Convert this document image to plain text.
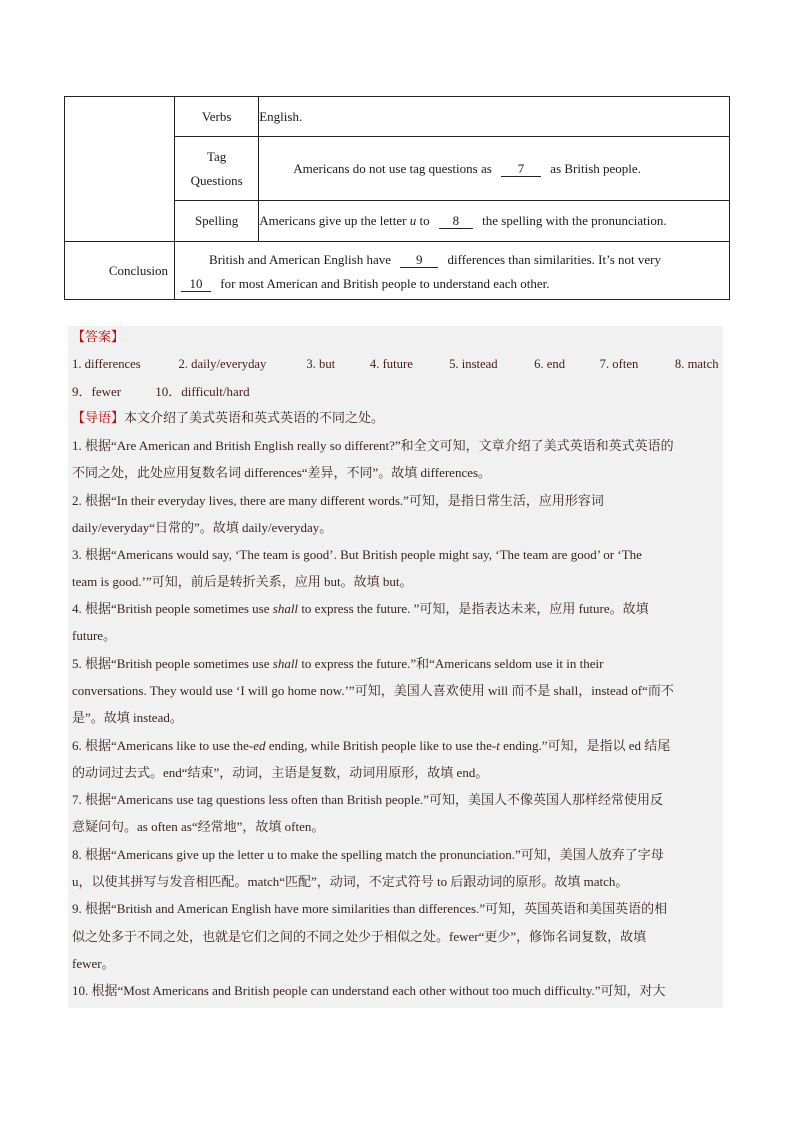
	Verbs	English.

	Tag
Questions	Americans do not use tag questions as 7 as British people.
	Spelling	Americans give up the letter u to 8 the spelling with the pronunciation.
Conclusion	British and American English have 9 differences than similarities. It’s not very
10 for most American and British people to understand each other.	
【答案】
1. differences	2. daily/everyday	3. but	4. future	5. instead	6. end	7. often	8. match
9．fewer	10．difficult/hard
【导语】本文介绍了美式英语和英式英语的不同之处。
1. 根据“Are American and British English really so different?”和全文可知，文章介绍了美式英语和英式英语的
不同之处，此处应用复数名词 differences“差异，不同”。故填 differences。
2. 根据“In their everyday lives, there are many different words.”可知，是指日常生活，应用形容词
daily/everyday“日常的”。故填 daily/everyday。
3. 根据“Americans would say, ‘The team is good’. But British people might say, ‘The team are good’ or ‘The
team is good.’”可知，前后是转折关系，应用 but。故填 but。
4. 根据“British people sometimes use shall to express the future. ”可知，是指表达未来，应用 future。故填
future。
5. 根据“British people sometimes use shall to express the future.”和“Americans seldom use it in their
conversations. They would use ‘I will go home now.’”可知，美国人喜欢使用 will 而不是 shall，instead of“而不
是”。故填 instead。
6. 根据“Americans like to use the-ed ending, while British people like to use the-t ending.”可知，是指以 ed 结尾
的动词过去式。end“结束”，动词，主语是复数，动词用原形，故填 end。
7. 根据“Americans use tag questions less often than British people.”可知，美国人不像英国人那样经常使用反
意疑问句。as often as“经常地”，故填 often。
8. 根据“Americans give up the letter u to make the spelling match the pronunciation.”可知，美国人放弃了字母
u，以使其拼写与发音相匹配。match“匹配”，动词，不定式符号 to 后跟动词的原形。故填 match。
9. 根据“British and American English have more similarities than differences.”可知，英国英语和美国英语的相
似之处多于不同之处，也就是它们之间的不同之处少于相似之处。fewer“更少”，修饰名词复数，故填
fewer。
10. 根据“Most Americans and British people can understand each other without too much difficulty.”可知，对大
